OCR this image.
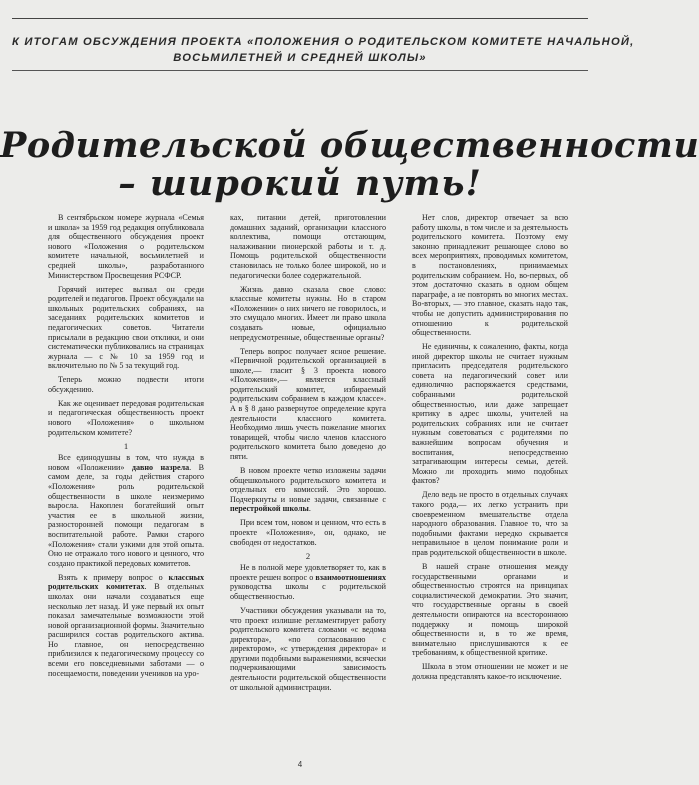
К ИТОГАМ ОБСУЖДЕНИЯ ПРОЕКТА «ПОЛОЖЕНИЯ О РОДИТЕЛЬСКОМ КОМИТЕТЕ НАЧАЛЬНОЙ,
ВОСЬМИЛЕТНЕЙ И СРЕДНЕЙ ШКОЛЫ»
Родительской общественности
– широкий путь!

В сентябрьском номере журнала «Семья и школа» за 1959 год редакция опубликовала для общественного обсуждения проект нового «Положения о родительском комитете начальной, восьмилетней и средней школы», разработанного Министерством Просвещения РСФСР.

Горячий интерес вызвал он среди родителей и педагогов. Проект обсуждали на школьных родительских собраниях, на заседаниях родительских комитетов и педагогических советов. Читатели присылали в редакцию свои отклики, и они систематически публиковались на страницах журнала — с № 10 за 1959 год и включительно по № 5 за текущий год.

Теперь можно подвести итоги обсуждению.

Как же оценивает передовая родительская и педагогическая общественность проект нового «Положения» о школьном родительском комитете?

1

Все единодушны в том, что нужда в новом «Положении» давно назрела. В самом деле, за годы действия старого «Положения» роль родительской общественности в школе неизмеримо выросла. Накоплен богатейший опыт участия ее в школьной жизни, разносторонней помощи педагогам в воспитательной работе. Рамки старого «Положения» стали узкими для этой опыта. Оно не отражало того нового и ценного, что создано практикой передовых комитетов.

Взять к примеру вопрос о классных родительских комитетах. В отдельных школах они начали создаваться еще несколько лет назад. И уже первый их опыт показал замечательные возможности этой новой организационной формы. Значительно расширился состав родительского актива. Но главное, он непосредственно приблизился к педагогическому процессу со всеми его повседневными заботами — о посещаемости, поведении учеников на уро-

ках, питании детей, приготовлении домашних заданий, организации классного коллектива, помощи отстающим, налаживании пионерской работы и т. д. Помощь родительской общественности становилась не только более широкой, но и педагогически более содержательной.

Жизнь давно сказала свое слово: классные комитеты нужны. Но в старом «Положении» о них ничего не говорилось, и это смущало многих. Имеет ли право школа создавать новые, официально непредусмотренные, общественные органы?

Теперь вопрос получает ясное решение. «Первичной родительской организацией в школе,— гласит § 3 проекта нового «Положения»,— является классный родительский комитет, избираемый родительским собранием в каждом классе». А в § 8 дано развернутое определение круга деятельности классного комитета. Необходимо лишь учесть пожелание многих товарищей, чтобы число членов классного родительского комитета было доведено до пяти.

В новом проекте четко изложены задачи общешкольного родительского комитета и отдельных его комиссий. Это хорошо. Подчеркнуты и новые задачи, связанные с перестройкой школы.

При всем том, новом и ценном, что есть в проекте «Положения», он, однако, не свободен от недостатков.

2

Не в полной мере удовлетворяет то, как в проекте решен вопрос о взаимоотношениях руководства школы с родительской общественностью.

Участники обсуждения указывали на то, что проект излишне регламентирует работу родительского комитета словами «с ведома директора», «по согласованию с директором», «с утверждения директора» и другими подобными выражениями, всячески подчеркивающими зависимость деятельности родительской общественности от школьной администрации.

Нет слов, директор отвечает за всю работу школы, в том числе и за деятельность родительского комитета. Поэтому ему законно принадлежит решающее слово во всех мероприятиях, проводимых комитетом, в постановлениях, принимаемых родительским собранием. Но, во-первых, об этом достаточно сказать в одном общем параграфе, а не повторять во многих местах. Во-вторых, — это главное, сказать надо так, чтобы не допустить администрирования по отношению к родительской общественности.

Не единичны, к сожалению, факты, когда иной директор школы не считает нужным пригласить председателя родительского совета на педагогический совет или единолично распоряжается средствами, собранными родительской общественностью, или даже запрещает критику в адрес школы, учителей на родительских собраниях или не считает нужным советоваться с родителями по важнейшим вопросам обучения и воспитания, непосредственно затрагивающим интересы семьи, детей. Можно ли проходить мимо подобных фактов?

Дело ведь не просто в отдельных случаях такого рода,— их легко устранить при своевременном вмешательстве отдела народного образования. Главное то, что за подобными фактами нередко скрывается неправильное в целом понимание роли и прав родительской общественности в школе.

В нашей стране отношения между государственными органами и общественностью строятся на принципах социалистической демократии. Это значит, что государственные органы в своей деятельности опираются на всестороннюю поддержку и помощь широкой общественности и, в то же время, внимательно прислушиваются к ее требованиям, к общественной критике.

Школа в этом отношении не может и не должна представлять какое-то исключение.

4
